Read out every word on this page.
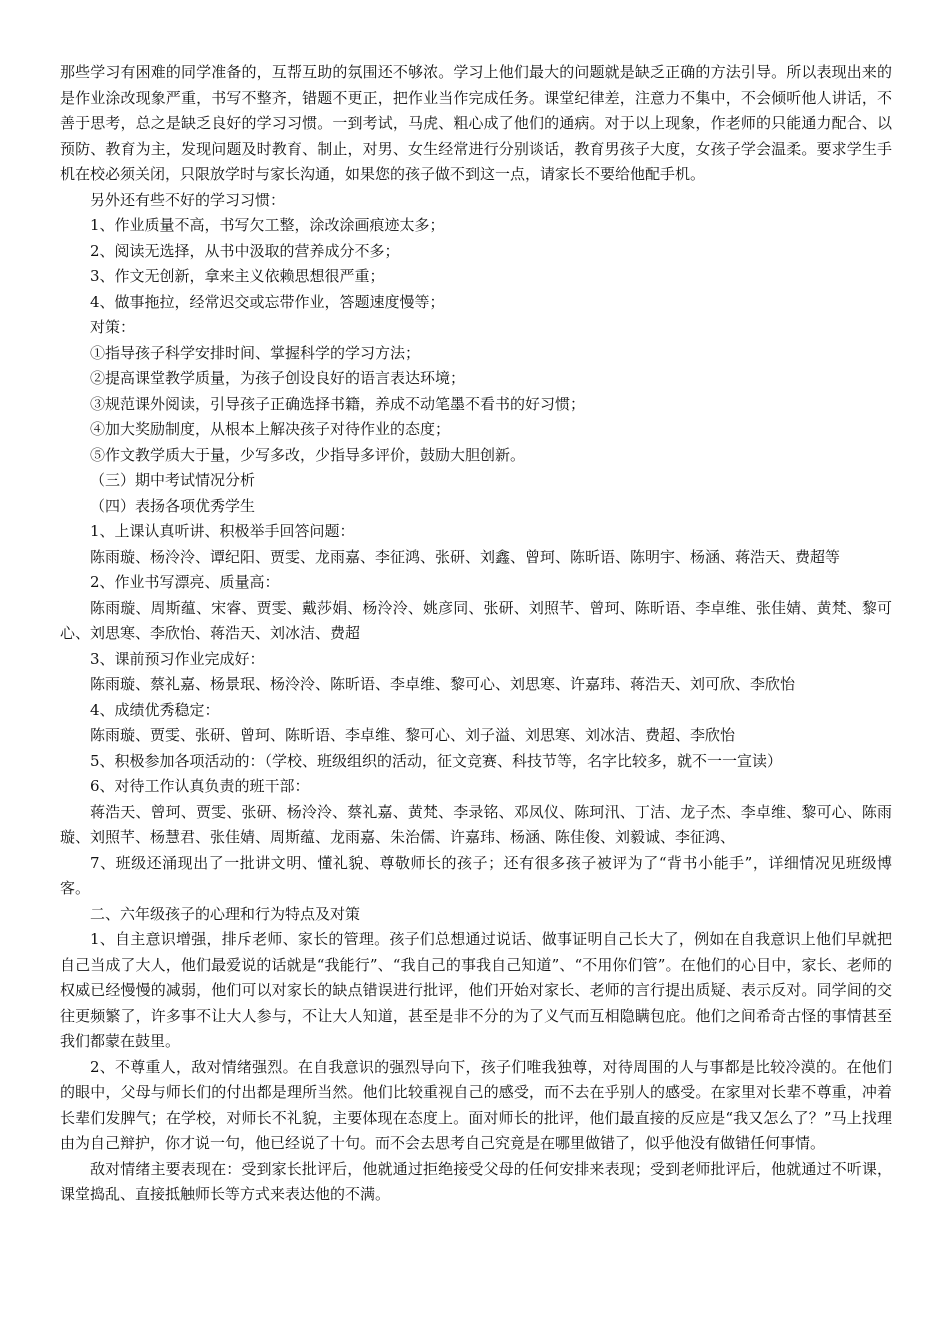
那些学习有困难的同学准备的，互帮互助的氛围还不够浓。学习上他们最大的问题就是缺乏正确的方法引导。所以表现出来的是作业涂改现象严重，书写不整齐，错题不更正，把作业当作完成任务。课堂纪律差，注意力不集中，不会倾听他人讲话，不善于思考，总之是缺乏良好的学习习惯。一到考试，马虎、粗心成了他们的通病。对于以上现象，作老师的只能通力配合、以预防、教育为主，发现问题及时教育、制止，对男、女生经常进行分别谈话，教育男孩子大度，女孩子学会温柔。要求学生手机在校必须关闭，只限放学时与家长沟通，如果您的孩子做不到这一点，请家长不要给他配手机。

另外还有些不好的学习习惯：

1、作业质量不高，书写欠工整，涂改涂画痕迹太多；

2、阅读无选择，从书中汲取的营养成分不多；

3、作文无创新，拿来主义依赖思想很严重；

4、做事拖拉，经常迟交或忘带作业，答题速度慢等；

对策：

①指导孩子科学安排时间、掌握科学的学习方法；

②提高课堂教学质量，为孩子创设良好的语言表达环境；

③规范课外阅读，引导孩子正确选择书籍，养成不动笔墨不看书的好习惯；

④加大奖励制度，从根本上解决孩子对待作业的态度；

⑤作文教学质大于量，少写多改，少指导多评价，鼓励大胆创新。

（三）期中考试情况分析

（四）表扬各项优秀学生

1、上课认真听讲、积极举手回答问题：

陈雨璇、杨泠泠、谭纪阳、贾雯、龙雨嘉、李征鸿、张研、刘鑫、曾珂、陈昕语、陈明宇、杨涵、蒋浩天、费超等

2、作业书写漂亮、质量高：

陈雨璇、周斯蕴、宋睿、贾雯、戴莎娟、杨泠泠、姚彦同、张研、刘照芊、曾珂、陈昕语、李卓维、张佳婧、黄梵、黎可心、刘思寒、李欣怡、蒋浩天、刘冰洁、费超

3、课前预习作业完成好：

陈雨璇、蔡礼嘉、杨景珉、杨泠泠、陈昕语、李卓维、黎可心、刘思寒、许嘉玮、蒋浩天、刘可欣、李欣怡

4、成绩优秀稳定：

陈雨璇、贾雯、张研、曾珂、陈昕语、李卓维、黎可心、刘子溢、刘思寒、刘冰洁、费超、李欣怡

5、积极参加各项活动的：（学校、班级组织的活动，征文竞赛、科技节等，名字比较多，就不一一宣读）

6、对待工作认真负责的班干部：

蒋浩天、曾珂、贾雯、张研、杨泠泠、蔡礼嘉、黄梵、李录铭、邓凤仪、陈珂汛、丁洁、龙子杰、李卓维、黎可心、陈雨璇、刘照芊、杨慧君、张佳婧、周斯蕴、龙雨嘉、朱治儒、许嘉玮、杨涵、陈佳俊、刘毅诚、李征鸿、

7、班级还涌现出了一批讲文明、懂礼貌、尊敬师长的孩子；还有很多孩子被评为了“背书小能手”，详细情况见班级博客。

二、六年级孩子的心理和行为特点及对策

1、自主意识增强，排斥老师、家长的管理。孩子们总想通过说话、做事证明自己长大了，例如在自我意识上他们早就把自己当成了大人，他们最爱说的话就是“我能行”、“我自己的事我自己知道”、“不用你们管”。在他们的心目中，家长、老师的权威已经慢慢的减弱，他们可以对家长的缺点错误进行批评，他们开始对家长、老师的言行提出质疑、表示反对。同学间的交往更频繁了，许多事不让大人参与，不让大人知道，甚至是非不分的为了义气而互相隐瞒包庇。他们之间希奇古怪的事情甚至我们都蒙在鼓里。

2、不尊重人，敌对情绪强烈。在自我意识的强烈导向下，孩子们唯我独尊，对待周围的人与事都是比较冷漠的。在他们的眼中，父母与师长们的付出都是理所当然。他们比较重视自己的感受，而不去在乎别人的感受。在家里对长辈不尊重，冲着长辈们发脾气；在学校，对师长不礼貌，主要体现在态度上。面对师长的批评，他们最直接的反应是“我又怎么了？”马上找理由为自己辩护，你才说一句，他已经说了十句。而不会去思考自己究竟是在哪里做错了，似乎他没有做错任何事情。

敌对情绪主要表现在：受到家长批评后，他就通过拒绝接受父母的任何安排来表现；受到老师批评后，他就通过不听课，课堂捣乱、直接抵触师长等方式来表达他的不满。
